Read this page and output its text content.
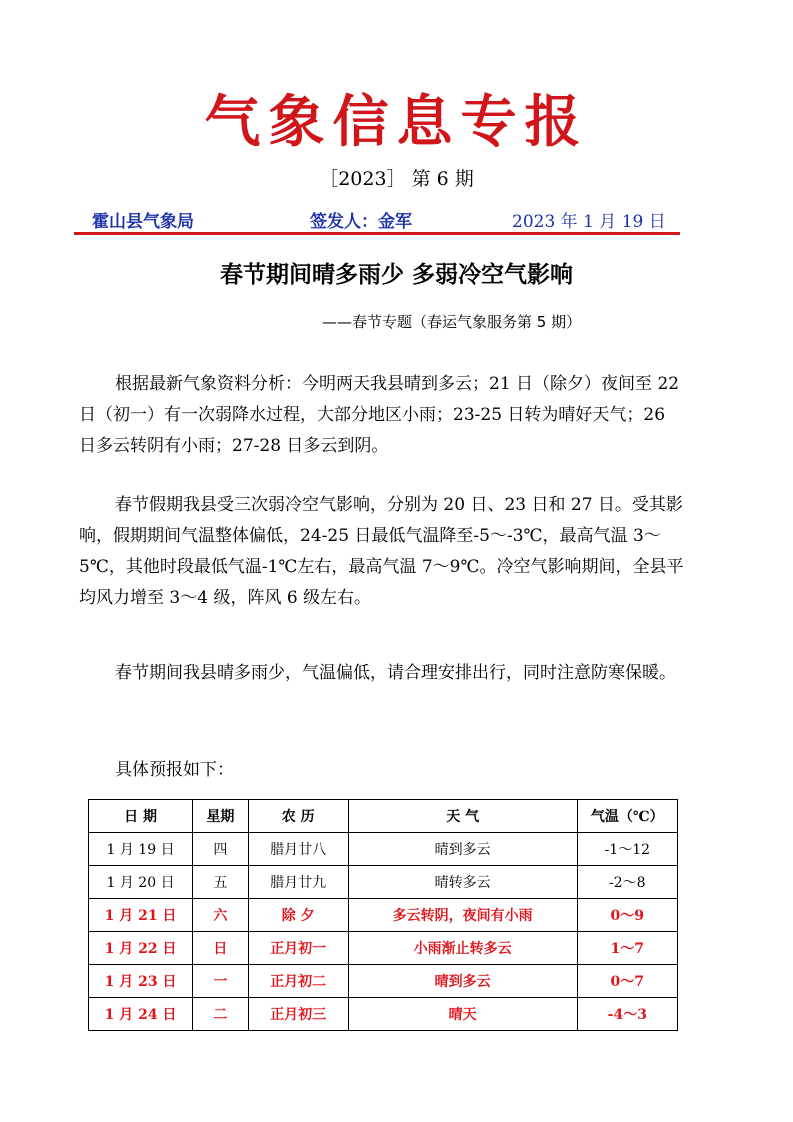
气象信息专报
［2023］ 第 6 期
霍山县气象局	签发人：金军	2023 年 1 月 19 日
春节期间晴多雨少 多弱冷空气影响
——春节专题（春运气象服务第 5 期）

根据最新气象资料分析：今明两天我县晴到多云；21 日（除夕）夜间至 22 日（初一）有一次弱降水过程，大部分地区小雨；23-25 日转为晴好天气；26 日多云转阴有小雨；27-28 日多云到阴。

春节假期我县受三次弱冷空气影响，分别为 20 日、23 日和 27 日。受其影响，假期期间气温整体偏低，24-25 日最低气温降至-5～-3℃，最高气温 3～5℃，其他时段最低气温-1℃左右，最高气温 7～9℃。冷空气影响期间，全县平均风力增至 3～4 级，阵风 6 级左右。

春节期间我县晴多雨少，气温偏低，请合理安排出行，同时注意防寒保暖。

具体预报如下：

日 期	星期	农 历	天 气	气温（℃）
1 月 19 日	四	腊月廿八	晴到多云	-1～12
1 月 20 日	五	腊月廿九	晴转多云	-2～8
1 月 21 日	六	除 夕	多云转阴，夜间有小雨	0～9
1 月 22 日	日	正月初一	小雨渐止转多云	1～7
1 月 23 日	一	正月初二	晴到多云	0～7
1 月 24 日	二	正月初三	晴天	-4～3
